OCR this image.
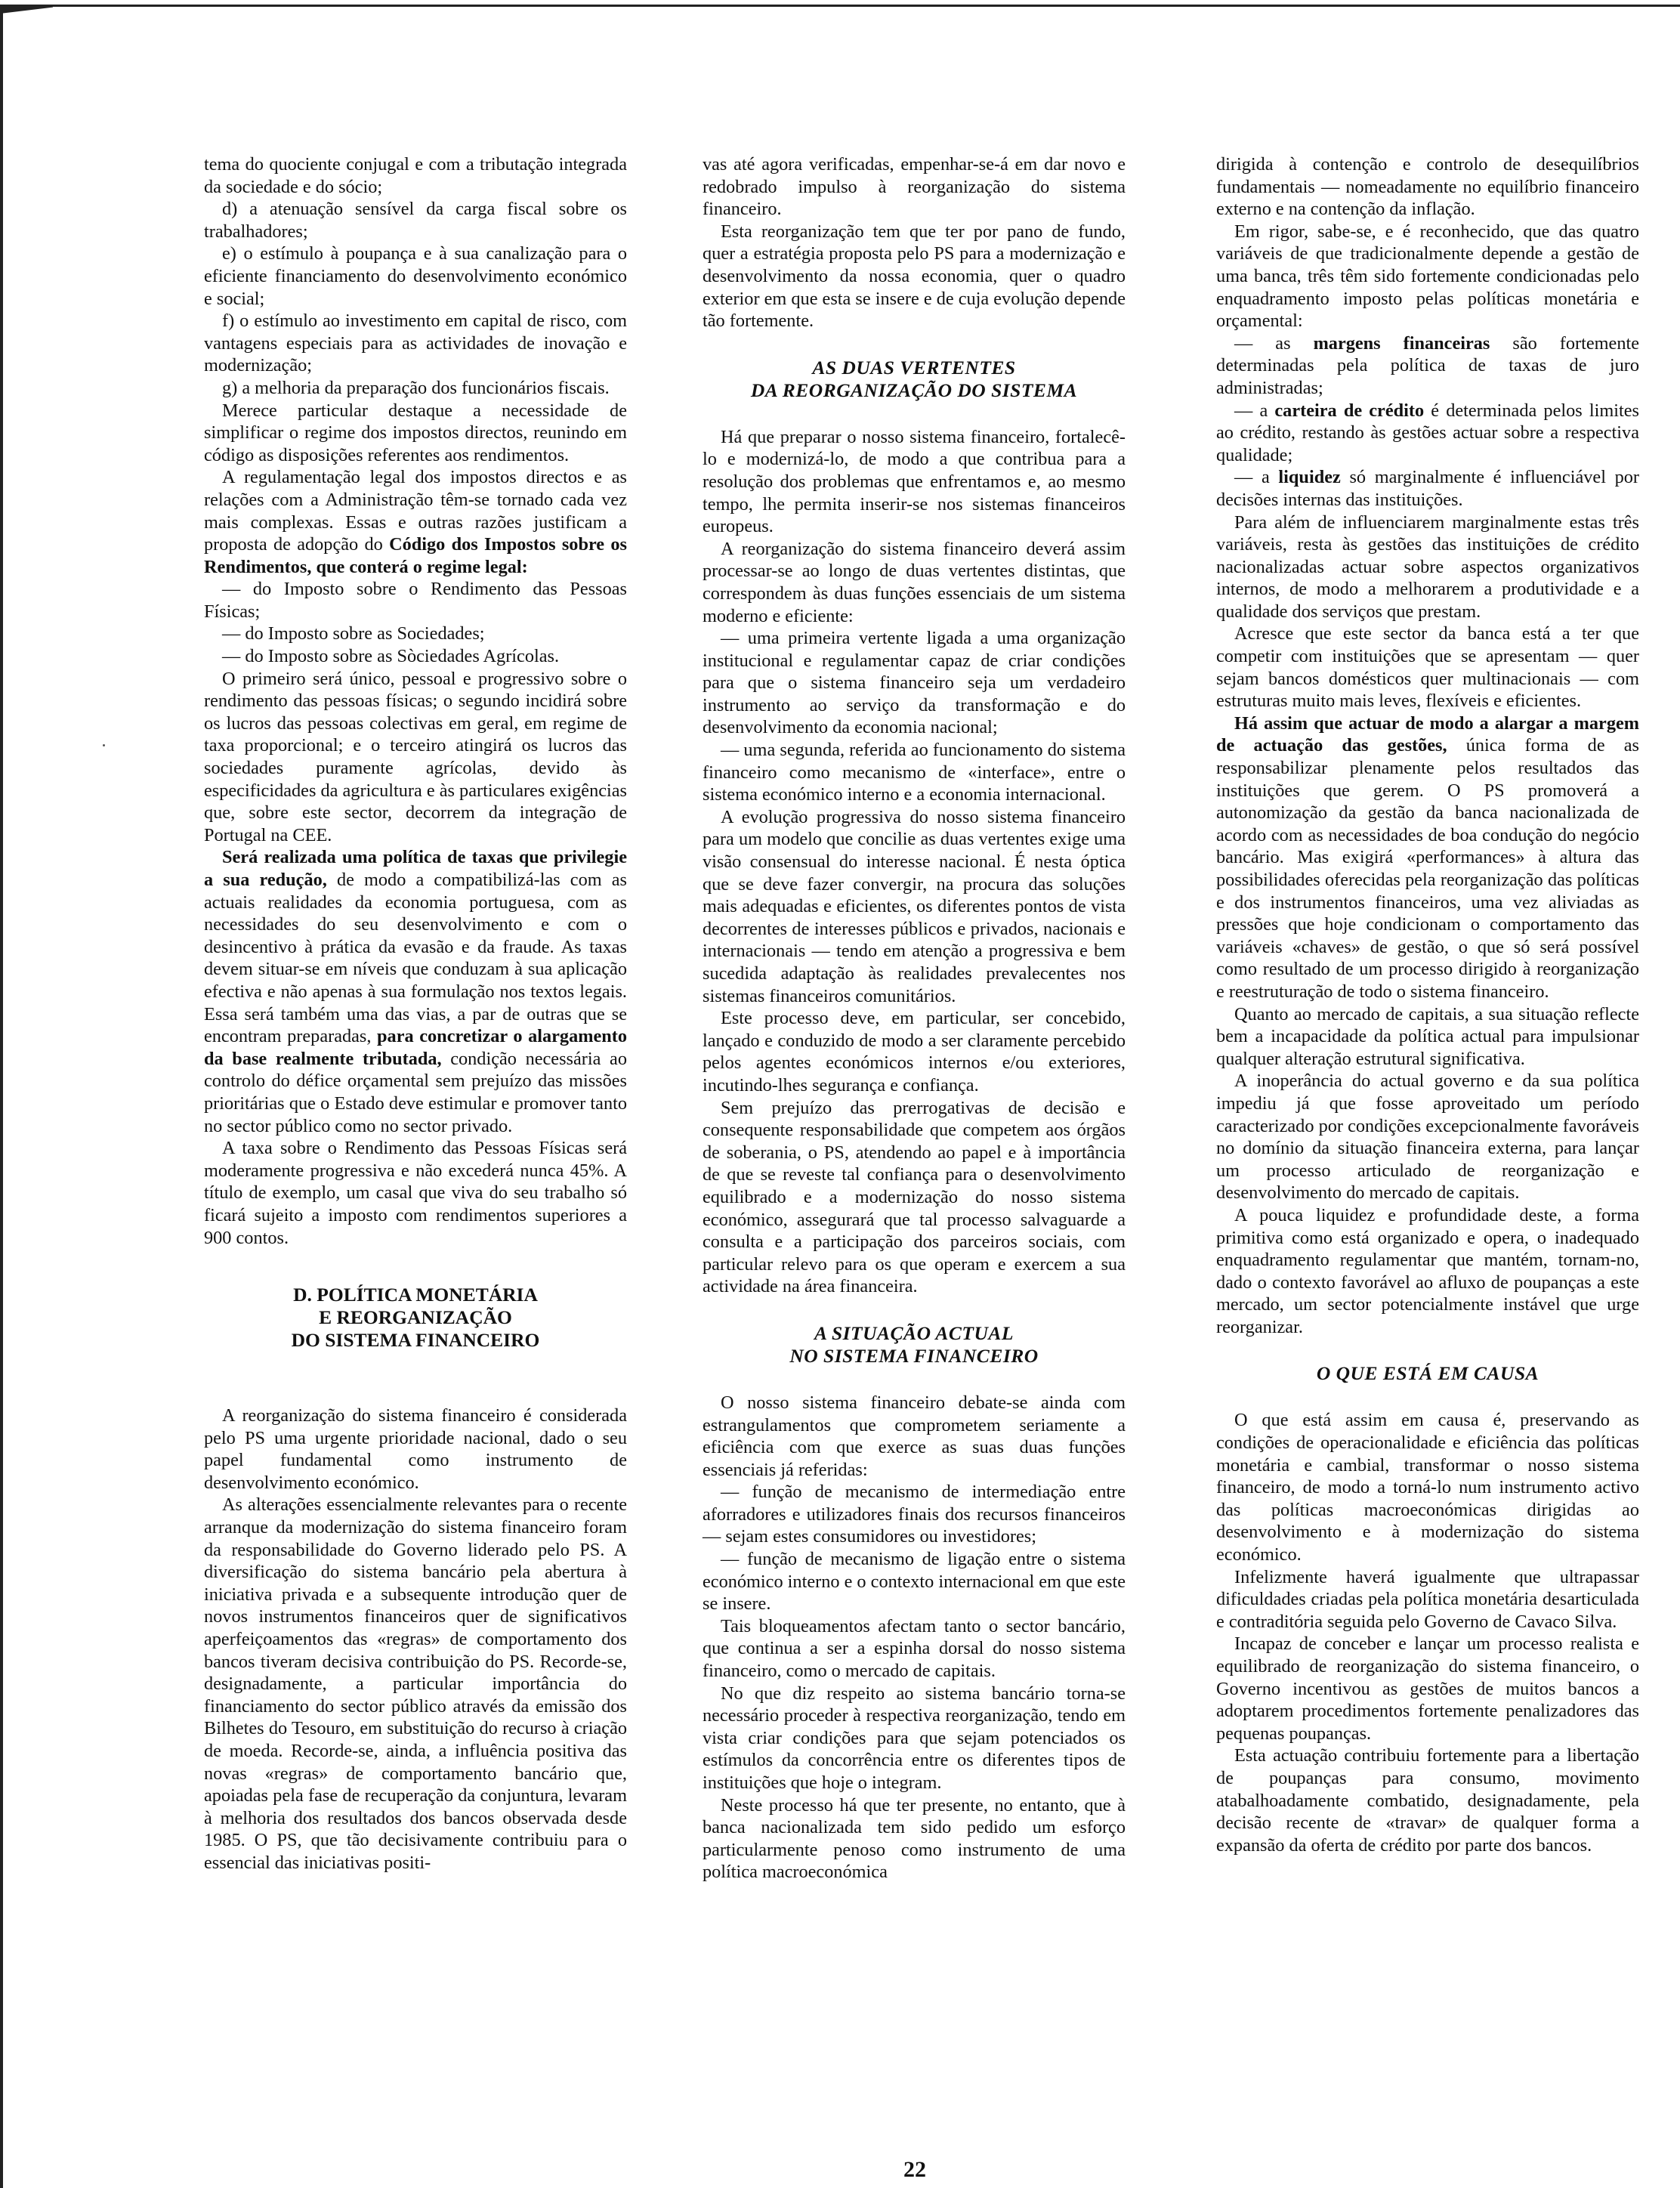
tema do quociente conjugal e com a tributação integrada da sociedade e do sócio;

d) a atenuação sensível da carga fiscal sobre os trabalhadores;

e) o estímulo à poupança e à sua canalização para o eficiente financiamento do desenvolvimento económico e social;

f) o estímulo ao investimento em capital de risco, com vantagens especiais para as actividades de inovação e modernização;

g) a melhoria da preparação dos funcionários fiscais.

Merece particular destaque a necessidade de simplificar o regime dos impostos directos, reunindo em código as disposições referentes aos rendimentos.

A regulamentação legal dos impostos directos e as relações com a Administração têm-se tornado cada vez mais complexas. Essas e outras razões justificam a proposta de adopção do Código dos Impostos sobre os Rendimentos, que conterá o regime legal:

— do Imposto sobre o Rendimento das Pessoas Físicas;

— do Imposto sobre as Sociedades;

— do Imposto sobre as Sòciedades Agrícolas.

O primeiro será único, pessoal e progressivo sobre o rendimento das pessoas físicas; o segundo incidirá sobre os lucros das pessoas colectivas em geral, em regime de taxa proporcional; e o terceiro atingirá os lucros das sociedades puramente agrícolas, devido às especificidades da agricultura e às particulares exigências que, sobre este sector, decorrem da integração de Portugal na CEE.

Será realizada uma política de taxas que privilegie a sua redução, de modo a compatibilizá-las com as actuais realidades da economia portuguesa, com as necessidades do seu desenvolvimento e com o desincentivo à prática da evasão e da fraude. As taxas devem situar-se em níveis que conduzam à sua aplicação efectiva e não apenas à sua formulação nos textos legais. Essa será também uma das vias, a par de outras que se encontram preparadas, para concretizar o alargamento da base realmente tributada, condição necessária ao controlo do défice orçamental sem prejuízo das missões prioritárias que o Estado deve estimular e promover tanto no sector público como no sector privado.

A taxa sobre o Rendimento das Pessoas Físicas será moderamente progressiva e não excederá nunca 45%. A título de exemplo, um casal que viva do seu trabalho só ficará sujeito a imposto com rendimentos superiores a 900 contos.

D. POLÍTICA MONETÁRIA
E REORGANIZAÇÃO
DO SISTEMA FINANCEIRO

A reorganização do sistema financeiro é considerada pelo PS uma urgente prioridade nacional, dado o seu papel fundamental como instrumento de desenvolvimento económico.

As alterações essencialmente relevantes para o recente arranque da modernização do sistema financeiro foram da responsabilidade do Governo liderado pelo PS. A diversificação do sistema bancário pela abertura à iniciativa privada e a subsequente introdução quer de novos instrumentos financeiros quer de significativos aperfeiçoamentos das «regras» de comportamento dos bancos tiveram decisiva contribuição do PS. Recorde-se, designadamente, a particular importância do financiamento do sector público através da emissão dos Bilhetes do Tesouro, em substituição do recurso à criação de moeda. Recorde-se, ainda, a influência positiva das novas «regras» de comportamento bancário que, apoiadas pela fase de recuperação da conjuntura, levaram à melhoria dos resultados dos bancos observada desde 1985. O PS, que tão decisivamente contribuiu para o essencial das iniciativas positi-

vas até agora verificadas, empenhar-se-á em dar novo e redobrado impulso à reorganização do sistema financeiro.

Esta reorganização tem que ter por pano de fundo, quer a estratégia proposta pelo PS para a modernização e desenvolvimento da nossa economia, quer o quadro exterior em que esta se insere e de cuja evolução depende tão fortemente.

AS DUAS VERTENTES
DA REORGANIZAÇÃO DO SISTEMA

Há que preparar o nosso sistema financeiro, fortalecê-lo e modernizá-lo, de modo a que contribua para a resolução dos problemas que enfrentamos e, ao mesmo tempo, lhe permita inserir-se nos sistemas financeiros europeus.

A reorganização do sistema financeiro deverá assim processar-se ao longo de duas vertentes distintas, que correspondem às duas funções essenciais de um sistema moderno e eficiente:

— uma primeira vertente ligada a uma organização institucional e regulamentar capaz de criar condições para que o sistema financeiro seja um verdadeiro instrumento ao serviço da transformação e do desenvolvimento da economia nacional;

— uma segunda, referida ao funcionamento do sistema financeiro como mecanismo de «interface», entre o sistema económico interno e a economia internacional.

A evolução progressiva do nosso sistema financeiro para um modelo que concilie as duas vertentes exige uma visão consensual do interesse nacional. É nesta óptica que se deve fazer convergir, na procura das soluções mais adequadas e eficientes, os diferentes pontos de vista decorrentes de interesses públicos e privados, nacionais e internacionais — tendo em atenção a progressiva e bem sucedida adaptação às realidades prevalecentes nos sistemas financeiros comunitários.

Este processo deve, em particular, ser concebido, lançado e conduzido de modo a ser claramente percebido pelos agentes económicos internos e/ou exteriores, incutindo-lhes segurança e confiança.

Sem prejuízo das prerrogativas de decisão e consequente responsabilidade que competem aos órgãos de soberania, o PS, atendendo ao papel e à importância de que se reveste tal confiança para o desenvolvimento equilibrado e a modernização do nosso sistema económico, assegurará que tal processo salvaguarde a consulta e a participação dos parceiros sociais, com particular relevo para os que operam e exercem a sua actividade na área financeira.

A SITUAÇÃO ACTUAL
NO SISTEMA FINANCEIRO

O nosso sistema financeiro debate-se ainda com estrangulamentos que comprometem seriamente a eficiência com que exerce as suas duas funções essenciais já referidas:

— função de mecanismo de intermediação entre aforradores e utilizadores finais dos recursos financeiros — sejam estes consumidores ou investidores;

— função de mecanismo de ligação entre o sistema económico interno e o contexto internacional em que este se insere.

Tais bloqueamentos afectam tanto o sector bancário, que continua a ser a espinha dorsal do nosso sistema financeiro, como o mercado de capitais.

No que diz respeito ao sistema bancário torna-se necessário proceder à respectiva reorganização, tendo em vista criar condições para que sejam potenciados os estímulos da concorrência entre os diferentes tipos de instituições que hoje o integram.

Neste processo há que ter presente, no entanto, que à banca nacionalizada tem sido pedido um esforço particularmente penoso como instrumento de uma política macroeconómica

dirigida à contenção e controlo de desequilíbrios fundamentais — nomeadamente no equilíbrio financeiro externo e na contenção da inflação.

Em rigor, sabe-se, e é reconhecido, que das quatro variáveis de que tradicionalmente depende a gestão de uma banca, três têm sido fortemente condicionadas pelo enquadramento imposto pelas políticas monetária e orçamental:

— as margens financeiras são fortemente determinadas pela política de taxas de juro administradas;

— a carteira de crédito é determinada pelos limites ao crédito, restando às gestões actuar sobre a respectiva qualidade;

— a liquidez só marginalmente é influenciável por decisões internas das instituições.

Para além de influenciarem marginalmente estas três variáveis, resta às gestões das instituições de crédito nacionalizadas actuar sobre aspectos organizativos internos, de modo a melhorarem a produtividade e a qualidade dos serviços que prestam.

Acresce que este sector da banca está a ter que competir com instituições que se apresentam — quer sejam bancos domésticos quer multinacionais — com estruturas muito mais leves, flexíveis e eficientes.

Há assim que actuar de modo a alargar a margem de actuação das gestões, única forma de as responsabilizar plenamente pelos resultados das instituições que gerem. O PS promoverá a autonomização da gestão da banca nacionalizada de acordo com as necessidades de boa condução do negócio bancário. Mas exigirá «performances» à altura das possibilidades oferecidas pela reorganização das políticas e dos instrumentos financeiros, uma vez aliviadas as pressões que hoje condicionam o comportamento das variáveis «chaves» de gestão, o que só será possível como resultado de um processo dirigido à reorganização e reestruturação de todo o sistema financeiro.

Quanto ao mercado de capitais, a sua situação reflecte bem a incapacidade da política actual para impulsionar qualquer alteração estrutural significativa.

A inoperância do actual governo e da sua política impediu já que fosse aproveitado um período caracterizado por condições excepcionalmente favoráveis no domínio da situação financeira externa, para lançar um processo articulado de reorganização e desenvolvimento do mercado de capitais.

A pouca liquidez e profundidade deste, a forma primitiva como está organizado e opera, o inadequado enquadramento regulamentar que mantém, tornam-no, dado o contexto favorável ao afluxo de poupanças a este mercado, um sector potencialmente instável que urge reorganizar.

O QUE ESTÁ EM CAUSA

O que está assim em causa é, preservando as condições de operacionalidade e eficiência das políticas monetária e cambial, transformar o nosso sistema financeiro, de modo a torná-lo num instrumento activo das políticas macroeconómicas dirigidas ao desenvolvimento e à modernização do sistema económico.

Infelizmente haverá igualmente que ultrapassar dificuldades criadas pela política monetária desarticulada e contraditória seguida pelo Governo de Cavaco Silva.

Incapaz de conceber e lançar um processo realista e equilibrado de reorganização do sistema financeiro, o Governo incentivou as gestões de muitos bancos a adoptarem procedimentos fortemente penalizadores das pequenas poupanças.

Esta actuação contribuiu fortemente para a libertação de poupanças para consumo, movimento atabalhoadamente combatido, designadamente, pela decisão recente de «travar» de qualquer forma a expansão da oferta de crédito por parte dos bancos.

22
